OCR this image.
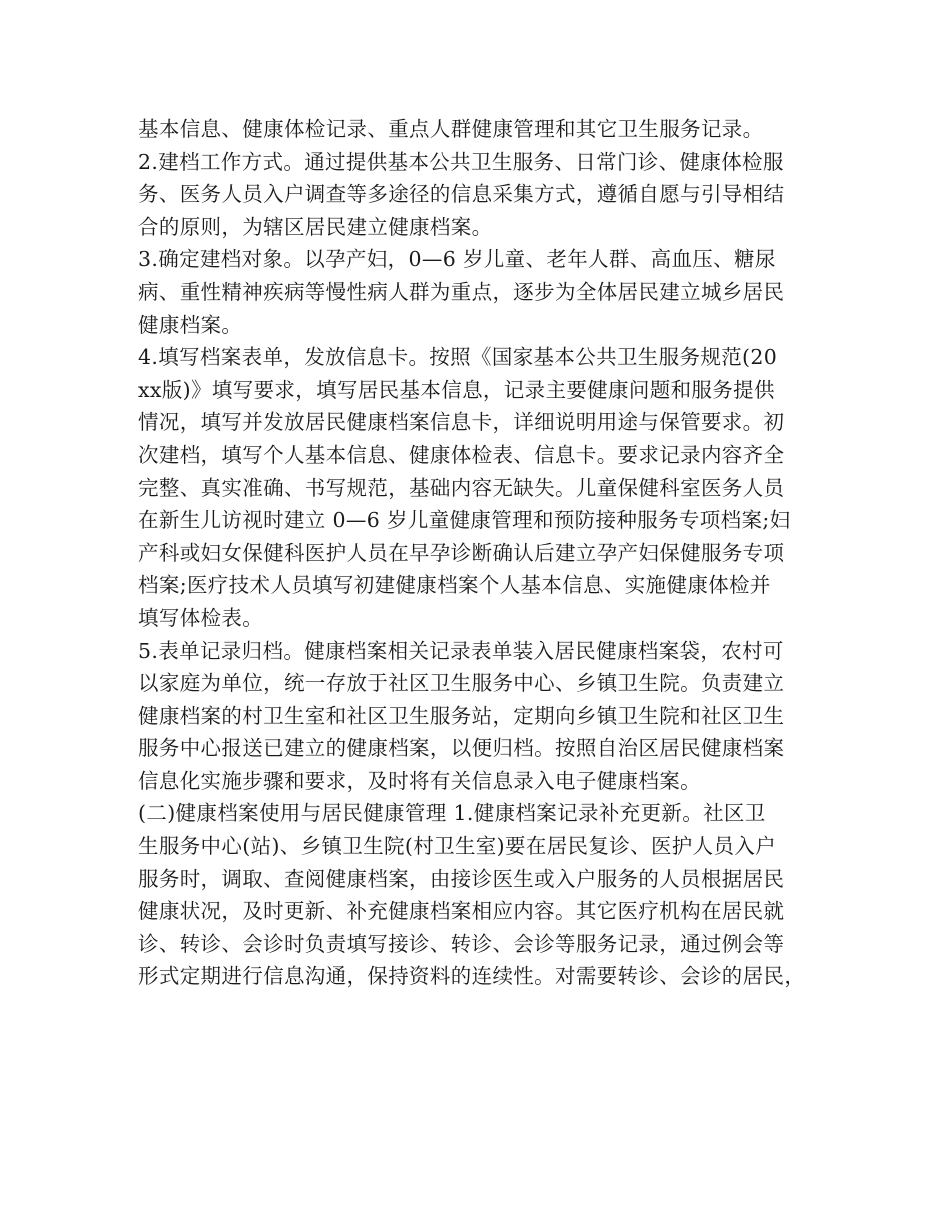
基本信息、健康体检记录、重点人群健康管理和其它卫生服务记录。
2.建档工作方式。通过提供基本公共卫生服务、日常门诊、健康体检服
务、医务人员入户调查等多途径的信息采集方式，遵循自愿与引导相结
合的原则，为辖区居民建立健康档案。
3.确定建档对象。以孕产妇，0—6 岁儿童、老年人群、高血压、糖尿
病、重性精神疾病等慢性病人群为重点，逐步为全体居民建立城乡居民
健康档案。
4.填写档案表单，发放信息卡。按照《国家基本公共卫生服务规范(20
xx版)》填写要求，填写居民基本信息，记录主要健康问题和服务提供
情况，填写并发放居民健康档案信息卡，详细说明用途与保管要求。初
次建档，填写个人基本信息、健康体检表、信息卡。要求记录内容齐全
完整、真实准确、书写规范，基础内容无缺失。儿童保健科室医务人员
在新生儿访视时建立 0—6 岁儿童健康管理和预防接种服务专项档案;妇
产科或妇女保健科医护人员在早孕诊断确认后建立孕产妇保健服务专项
档案;医疗技术人员填写初建健康档案个人基本信息、实施健康体检并
填写体检表。
5.表单记录归档。健康档案相关记录表单装入居民健康档案袋，农村可
以家庭为单位，统一存放于社区卫生服务中心、乡镇卫生院。负责建立
健康档案的村卫生室和社区卫生服务站，定期向乡镇卫生院和社区卫生
服务中心报送已建立的健康档案，以便归档。按照自治区居民健康档案
信息化实施步骤和要求，及时将有关信息录入电子健康档案。
(二)健康档案使用与居民健康管理 1.健康档案记录补充更新。社区卫
生服务中心(站)、乡镇卫生院(村卫生室)要在居民复诊、医护人员入户
服务时，调取、查阅健康档案，由接诊医生或入户服务的人员根据居民
健康状况，及时更新、补充健康档案相应内容。其它医疗机构在居民就
诊、转诊、会诊时负责填写接诊、转诊、会诊等服务记录，通过例会等
形式定期进行信息沟通，保持资料的连续性。对需要转诊、会诊的居民，
